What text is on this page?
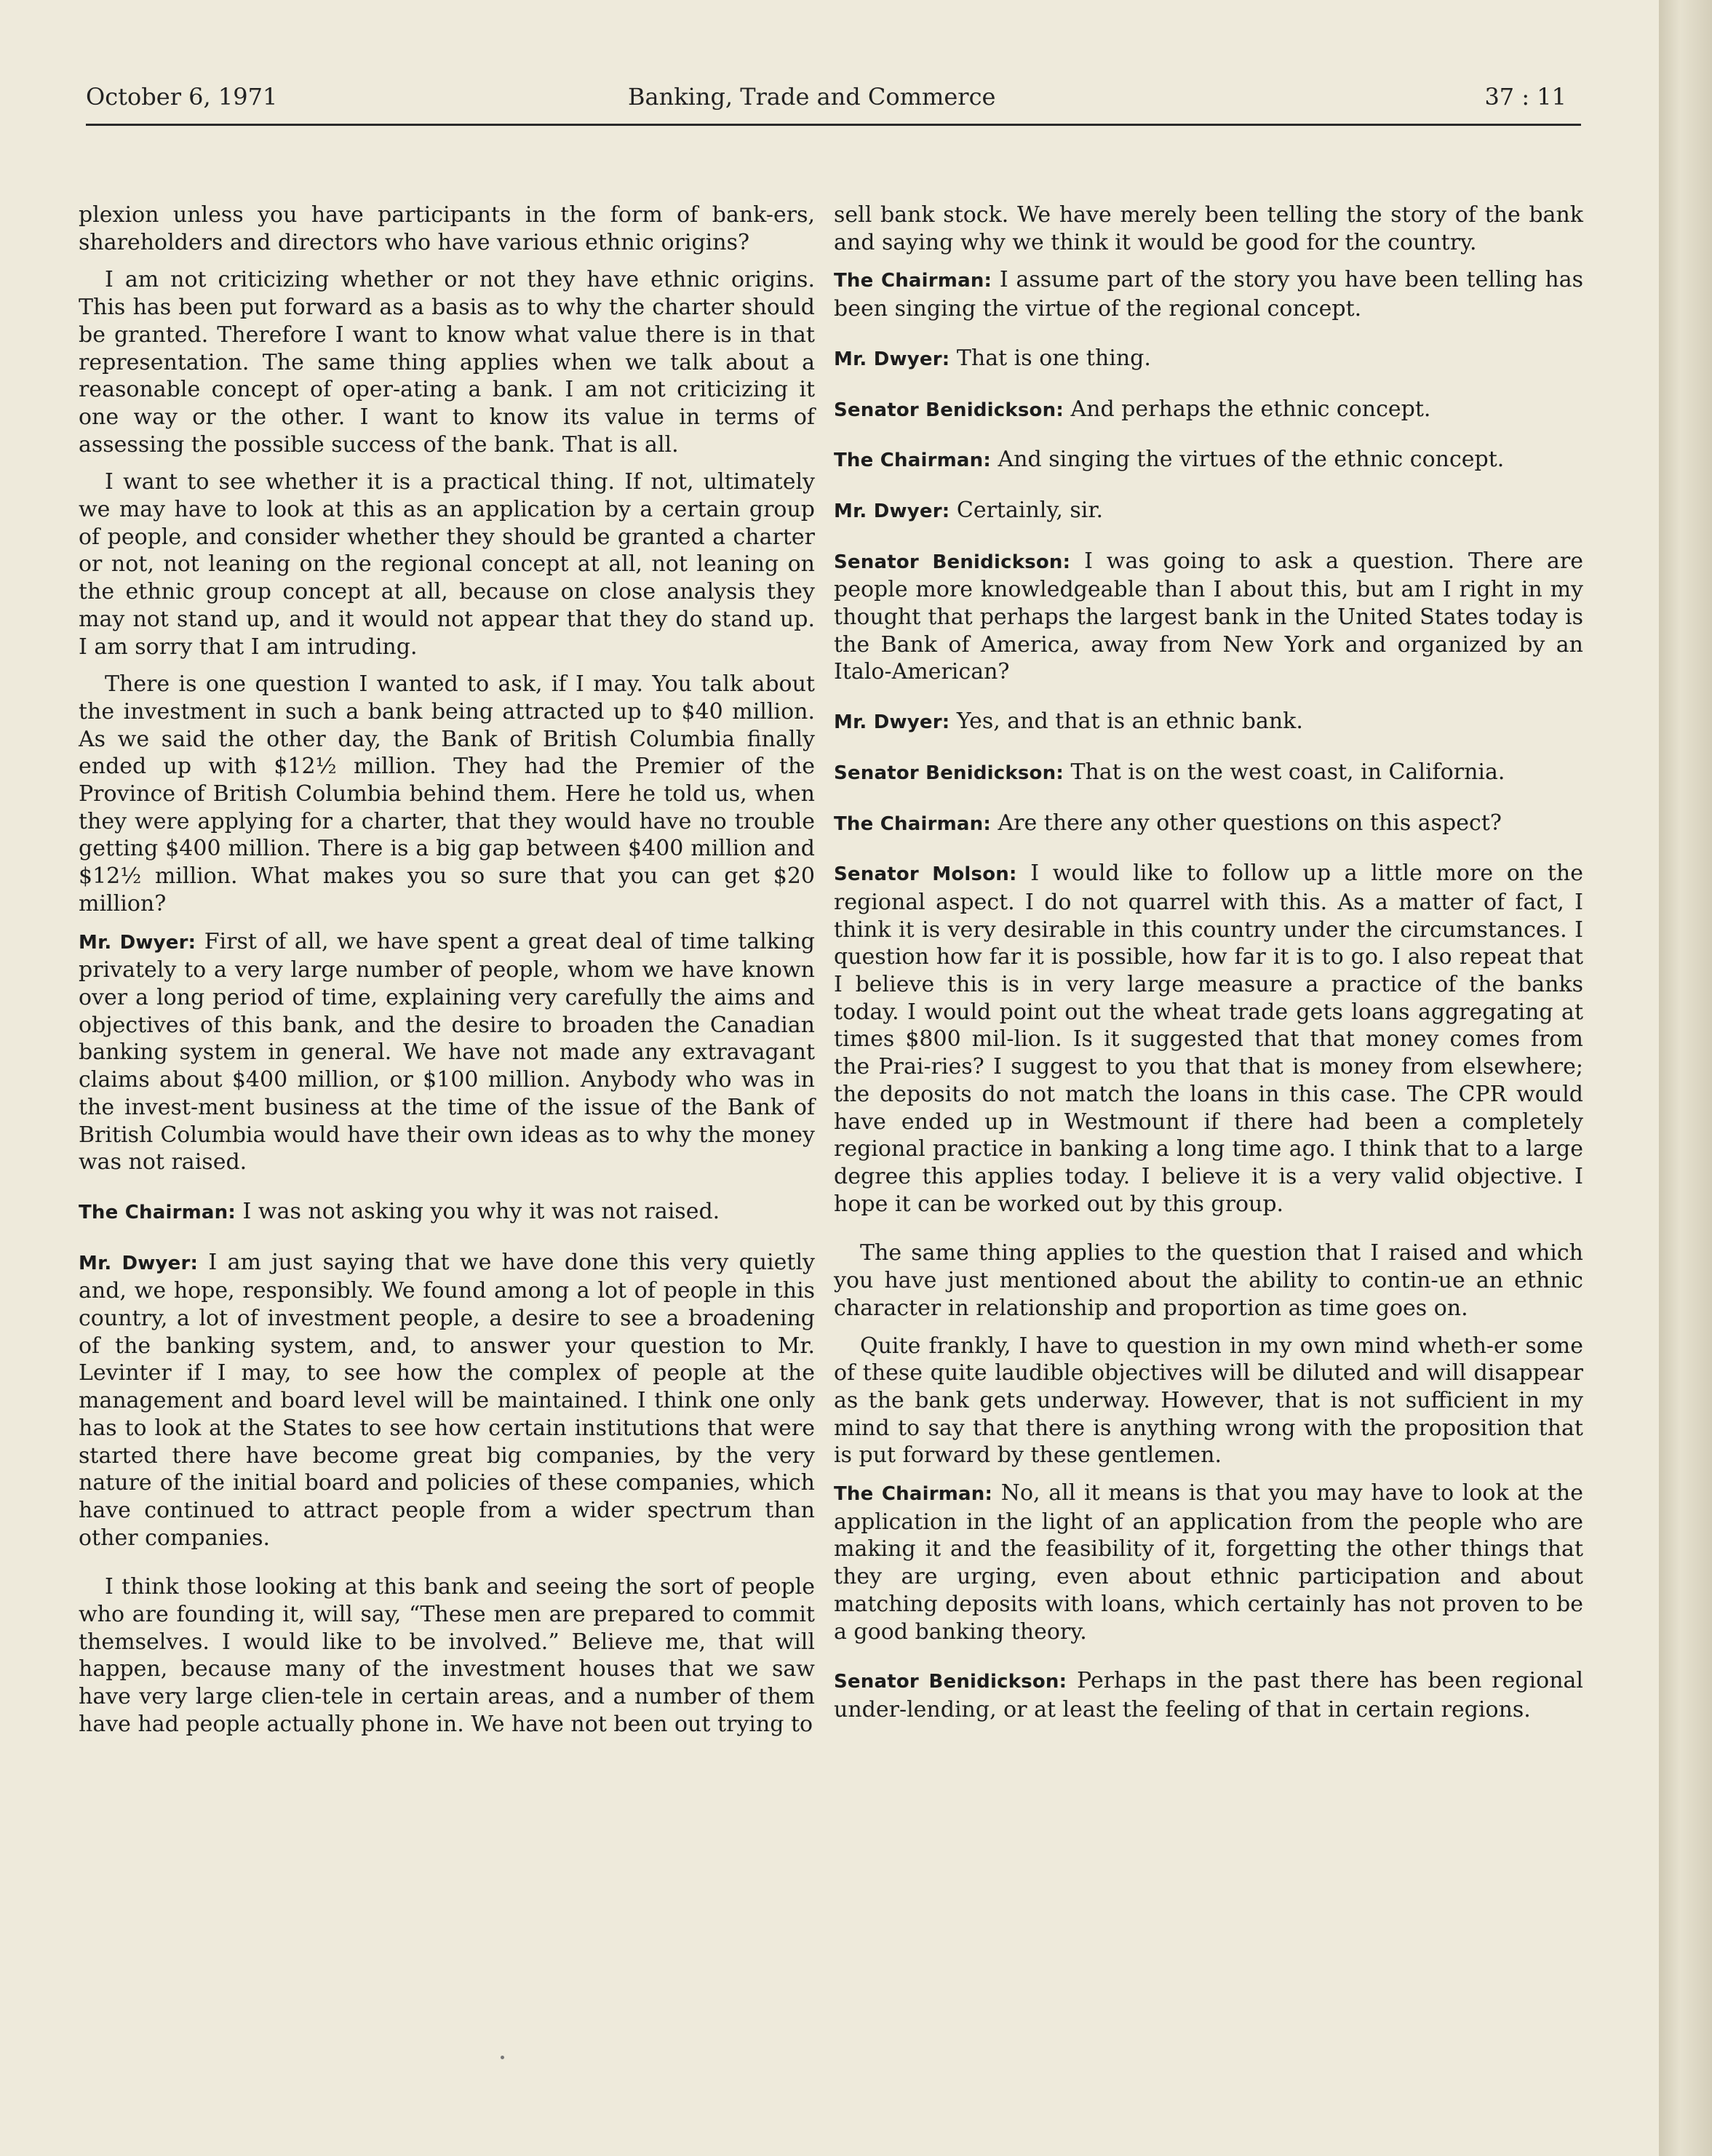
October 6, 1971	Banking, Trade and Commerce	37 : 11

plexion unless you have participants in the form of bank-ers, shareholders and directors who have various ethnic origins?

I am not criticizing whether or not they have ethnic origins. This has been put forward as a basis as to why the charter should be granted. Therefore I want to know what value there is in that representation. The same thing applies when we talk about a reasonable concept of oper-ating a bank. I am not criticizing it one way or the other. I want to know its value in terms of assessing the possible success of the bank. That is all.

I want to see whether it is a practical thing. If not, ultimately we may have to look at this as an application by a certain group of people, and consider whether they should be granted a charter or not, not leaning on the regional concept at all, not leaning on the ethnic group concept at all, because on close analysis they may not stand up, and it would not appear that they do stand up. I am sorry that I am intruding.

There is one question I wanted to ask, if I may. You talk about the investment in such a bank being attracted up to $40 million. As we said the other day, the Bank of British Columbia finally ended up with $12½ million. They had the Premier of the Province of British Columbia behind them. Here he told us, when they were applying for a charter, that they would have no trouble getting $400 million. There is a big gap between $400 million and $12½ million. What makes you so sure that you can get $20 million?

Mr. Dwyer: First of all, we have spent a great deal of time talking privately to a very large number of people, whom we have known over a long period of time, explaining very carefully the aims and objectives of this bank, and the desire to broaden the Canadian banking system in general. We have not made any extravagant claims about $400 million, or $100 million. Anybody who was in the invest-ment business at the time of the issue of the Bank of British Columbia would have their own ideas as to why the money was not raised.

The Chairman: I was not asking you why it was not raised.

Mr. Dwyer: I am just saying that we have done this very quietly and, we hope, responsibly. We found among a lot of people in this country, a lot of investment people, a desire to see a broadening of the banking system, and, to answer your question to Mr. Levinter if I may, to see how the complex of people at the management and board level will be maintained. I think one only has to look at the States to see how certain institutions that were started there have become great big companies, by the very nature of the initial board and policies of these companies, which have continued to attract people from a wider spectrum than other companies.

I think those looking at this bank and seeing the sort of people who are founding it, will say, “These men are prepared to commit themselves. I would like to be involved.” Believe me, that will happen, because many of the investment houses that we saw have very large clien-tele in certain areas, and a number of them have had people actually phone in. We have not been out trying to

sell bank stock. We have merely been telling the story of the bank and saying why we think it would be good for the country.

The Chairman: I assume part of the story you have been telling has been singing the virtue of the regional concept.

Mr. Dwyer: That is one thing.

Senator Benidickson: And perhaps the ethnic concept.

The Chairman: And singing the virtues of the ethnic concept.

Mr. Dwyer: Certainly, sir.

Senator Benidickson: I was going to ask a question. There are people more knowledgeable than I about this, but am I right in my thought that perhaps the largest bank in the United States today is the Bank of America, away from New York and organized by an Italo-American?

Mr. Dwyer: Yes, and that is an ethnic bank.

Senator Benidickson: That is on the west coast, in California.

The Chairman: Are there any other questions on this aspect?

Senator Molson: I would like to follow up a little more on the regional aspect. I do not quarrel with this. As a matter of fact, I think it is very desirable in this country under the circumstances. I question how far it is possible, how far it is to go. I also repeat that I believe this is in very large measure a practice of the banks today. I would point out the wheat trade gets loans aggregating at times $800 mil-lion. Is it suggested that that money comes from the Prai-ries? I suggest to you that that is money from elsewhere; the deposits do not match the loans in this case. The CPR would have ended up in Westmount if there had been a completely regional practice in banking a long time ago. I think that to a large degree this applies today. I believe it is a very valid objective. I hope it can be worked out by this group.

The same thing applies to the question that I raised and which you have just mentioned about the ability to contin-ue an ethnic character in relationship and proportion as time goes on.

Quite frankly, I have to question in my own mind wheth-er some of these quite laudible objectives will be diluted and will disappear as the bank gets underway. However, that is not sufficient in my mind to say that there is anything wrong with the proposition that is put forward by these gentlemen.

The Chairman: No, all it means is that you may have to look at the application in the light of an application from the people who are making it and the feasibility of it, forgetting the other things that they are urging, even about ethnic participation and about matching deposits with loans, which certainly has not proven to be a good banking theory.

Senator Benidickson: Perhaps in the past there has been regional under-lending, or at least the feeling of that in certain regions.
